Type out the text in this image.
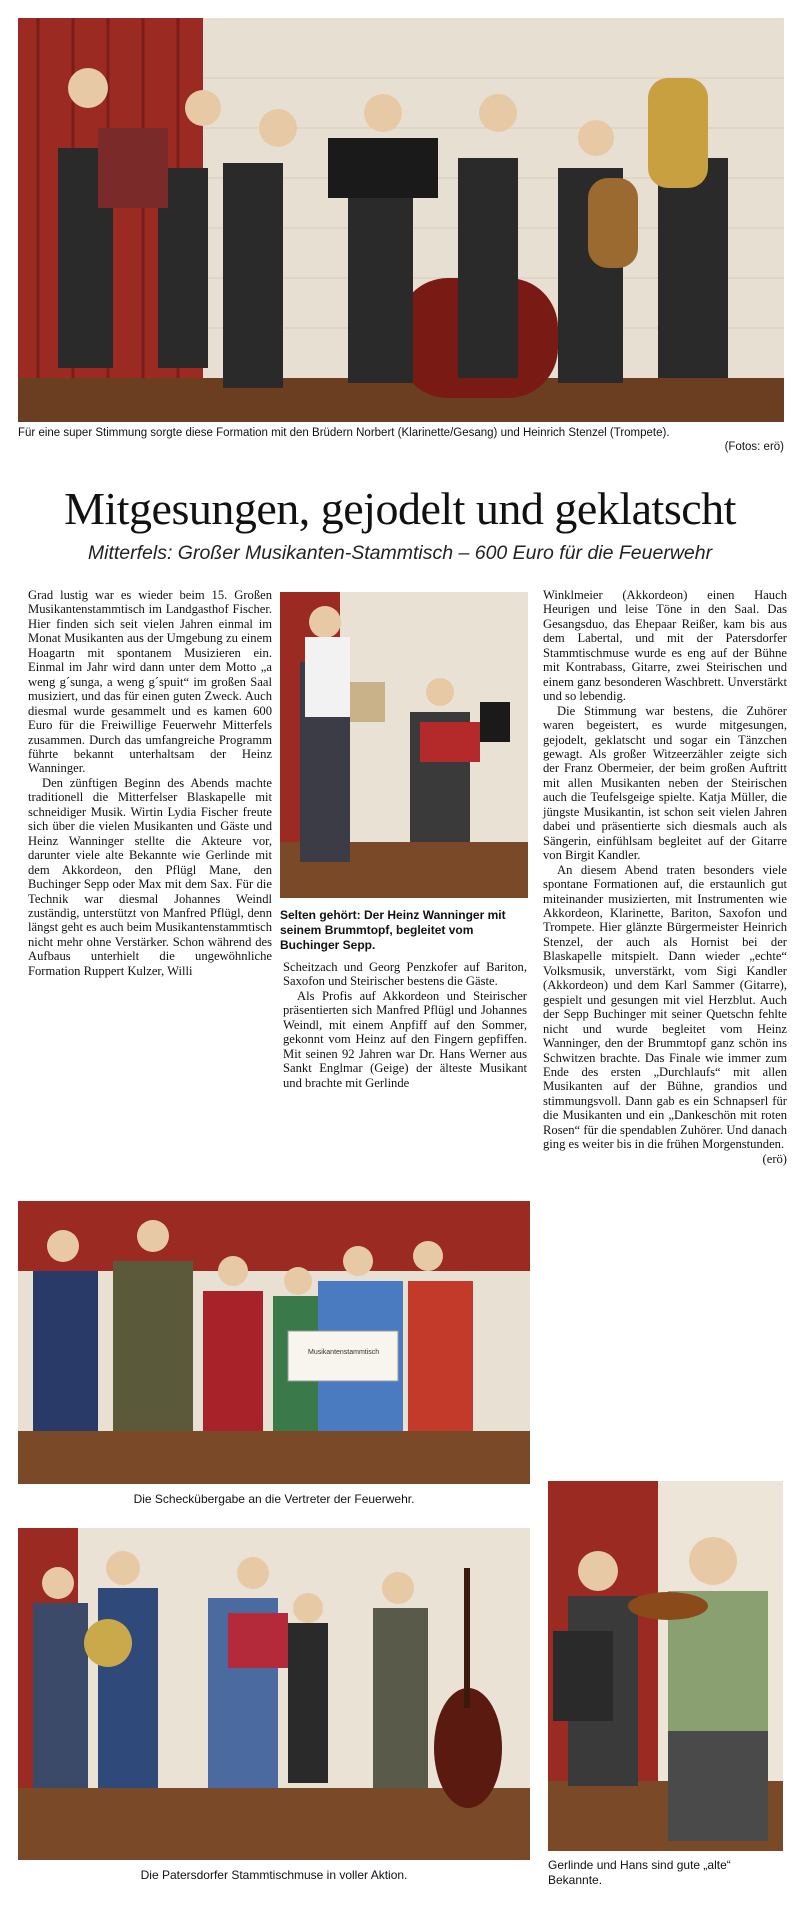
Für eine super Stimmung sorgte diese Formation mit den Brüdern Norbert (Klarinette/Gesang) und Heinrich Stenzel (Trompete).
(Fotos: erö)
Mitgesungen, gejodelt und geklatscht
Mitterfels: Großer Musikanten-Stammtisch – 600 Euro für die Feuerwehr

Grad lustig war es wieder beim 15. Großen Musikantenstammtisch im Landgasthof Fischer. Hier finden sich seit vielen Jahren einmal im Monat Musikanten aus der Umgebung zu einem Hoagartn mit spontanem Musizieren ein. Einmal im Jahr wird dann unter dem Motto „a weng g´sunga, a weng g´spuit“ im großen Saal musiziert, und das für einen guten Zweck. Auch diesmal wurde gesammelt und es kamen 600 Euro für die Freiwillige Feuerwehr Mitterfels zusammen. Durch das umfangreiche Programm führte bekannt unterhaltsam der Heinz Wanninger.

Den zünftigen Beginn des Abends machte traditionell die Mitterfelser Blaskapelle mit schneidiger Musik. Wirtin Lydia Fischer freute sich über die vielen Musikanten und Gäste und Heinz Wanninger stellte die Akteure vor, darunter viele alte Bekannte wie Gerlinde mit dem Akkordeon, den Pflügl Mane, den Buchinger Sepp oder Max mit dem Sax. Für die Technik war diesmal Johannes Weindl zuständig, unterstützt von Manfred Pflügl, denn längst geht es auch beim Musikantenstammtisch nicht mehr ohne Verstärker. Schon während des Aufbaus unterhielt die ungewöhnliche Formation Ruppert Kulzer, Willi

Selten gehört: Der Heinz Wanninger mit seinem Brummtopf, begleitet vom Buchinger Sepp.

Scheitzach und Georg Penzkofer auf Bariton, Saxofon und Steirischer bestens die Gäste.

Als Profis auf Akkordeon und Steirischer präsentierten sich Manfred Pflügl und Johannes Weindl, mit einem Anpfiff auf den Sommer, gekonnt vom Heinz auf den Fingern gepfiffen. Mit seinen 92 Jahren war Dr. Hans Werner aus Sankt Englmar (Geige) der älteste Musikant und brachte mit Gerlinde

Winklmeier (Akkordeon) einen Hauch Heurigen und leise Töne in den Saal. Das Gesangsduo, das Ehepaar Reißer, kam bis aus dem Labertal, und mit der Patersdorfer Stammtischmuse wurde es eng auf der Bühne mit Kontrabass, Gitarre, zwei Steirischen und einem ganz besonderen Waschbrett. Unverstärkt und so lebendig.

Die Stimmung war bestens, die Zuhörer waren begeistert, es wurde mitgesungen, gejodelt, geklatscht und sogar ein Tänzchen gewagt. Als großer Witzeerzähler zeigte sich der Franz Obermeier, der beim großen Auftritt mit allen Musikanten neben der Steirischen auch die Teufelsgeige spielte. Katja Müller, die jüngste Musikantin, ist schon seit vielen Jahren dabei und präsentierte sich diesmals auch als Sängerin, einfühlsam begleitet auf der Gitarre von Birgit Kandler.

An diesem Abend traten besonders viele spontane Formationen auf, die erstaunlich gut miteinander musizierten, mit Instrumenten wie Akkordeon, Klarinette, Bariton, Saxofon und Trompete. Hier glänzte Bürgermeister Heinrich Stenzel, der auch als Hornist bei der Blaskapelle mitspielt. Dann wieder „echte“ Volksmusik, unverstärkt, vom Sigi Kandler (Akkordeon) und dem Karl Sammer (Gitarre), gespielt und gesungen mit viel Herzblut. Auch der Sepp Buchinger mit seiner Quetschn fehlte nicht und wurde begleitet vom Heinz Wanninger, den der Brummtopf ganz schön ins Schwitzen brachte. Das Finale wie immer zum Ende des ersten „Durchlaufs“ mit allen Musikanten auf der Bühne, grandios und stimmungsvoll. Dann gab es ein Schnapserl für die Musikanten und ein „Dankeschön mit roten Rosen“ für die spendablen Zuhörer. Und danach ging es weiter bis in die frühen Morgenstunden.

(erö)
Musikantenstammtisch
Die Scheckübergabe an die Vertreter der Feuerwehr.
Die Patersdorfer Stammtischmuse in voller Aktion.
Gerlinde und Hans sind gute „alte“ Bekannte.
